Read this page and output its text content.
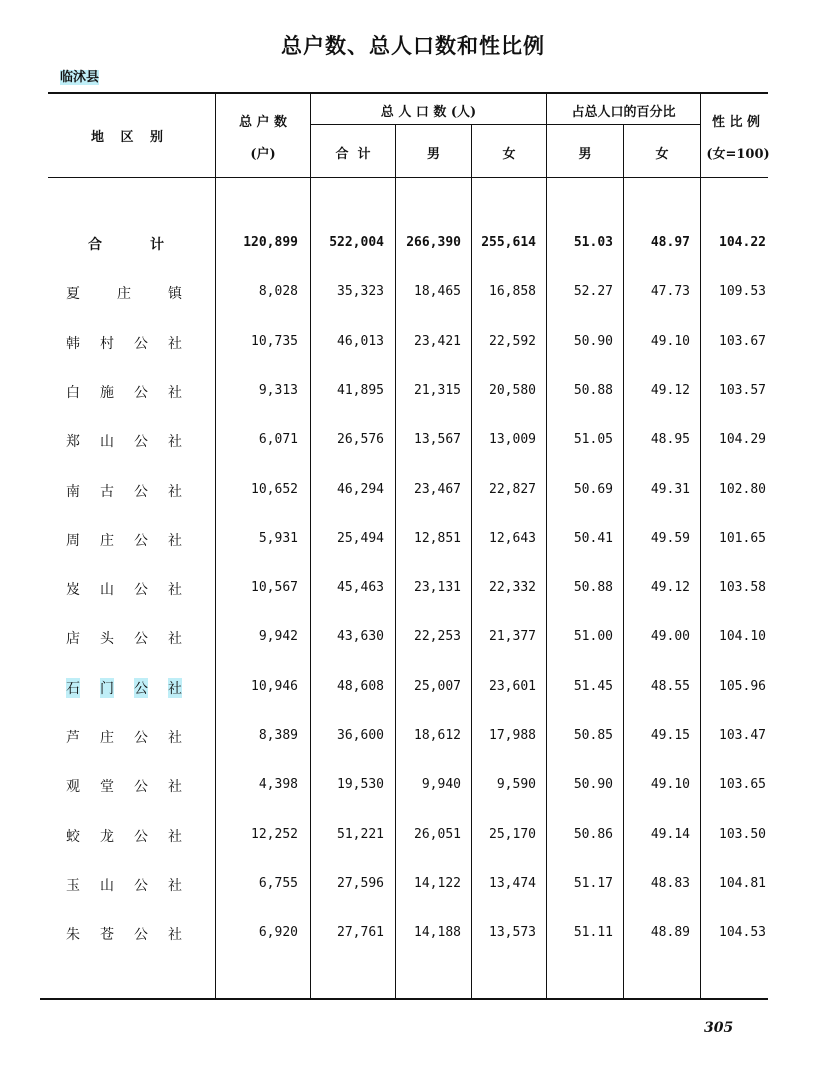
总户数、总人口数和性比例
临沭县
地 区 别
总 户 数
(户)
总 人 口 数 (人)
合  计	男	女
占总人口的百分比
男	女
性 比 例
(女=100)
合	计	120,899 522,004 266,390 255,614	51.03	48.97 104.22
夏	庄	镇	8,028	35,323 18,465 16,858	52.27	47.73 109.53
韩 村 公 社	10,735	46,013 23,421 22,592	50.90	49.10 103.67
白 施 公 社	9,313	41,895 21,315 20,580	50.88	49.12 103.57
郑 山 公 社	6,071	26,576 13,567 13,009	51.05	48.95 104.29
南 古 公 社	10,652	46,294 23,467 22,827	50.69	49.31 102.80
周 庄 公 社	5,931	25,494 12,851 12,643	50.41	49.59 101.65
岌 山 公 社	10,567	45,463 23,131 22,332	50.88	49.12 103.58
店 头 公 社	9,942	43,630 22,253 21,377	51.00	49.00 104.10
石 门 公 社	10,946	48,608 25,007 23,601	51.45	48.55 105.96
芦 庄 公 社	8,389	36,600 18,612 17,988	50.85	49.15 103.47
观 堂 公 社	4,398	19,530	9,940	9,590	50.90	49.10 103.65
蛟 龙 公 社	12,252	51,221 26,051 25,170	50.86	49.14 103.50
玉 山 公 社	6,755	27,596 14,122 13,474	51.17	48.83 104.81
朱 苍 公 社	6,920	27,761 14,188 13,573	51.11	48.89 104.53
305
